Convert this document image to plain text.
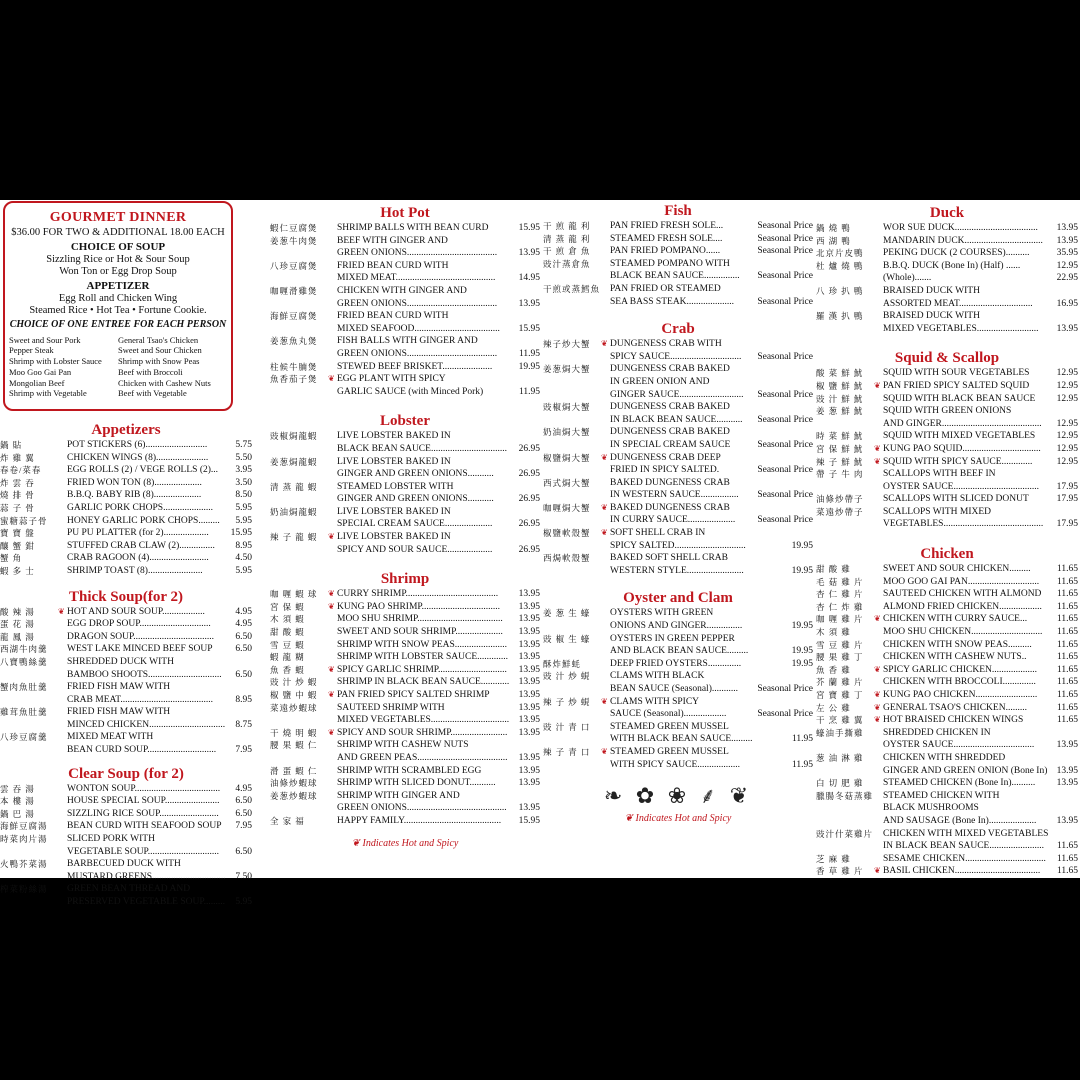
GOURMET DINNER
$36.00 FOR TWO & ADDITIONAL 18.00 EACH
CHOICE OF SOUP
Sizzling Rice or Hot & Sour Soup
Won Ton or Egg Drop Soup
APPETIZER
Egg Roll and Chicken Wing
Steamed Rice • Hot Tea • Fortune Cookie.
CHOICE OF ONE ENTREE FOR EACH PERSON
Sweet and Sour Pork	General Tsao's Chicken
Pepper Steak	Sweet and Sour Chicken
Shrimp with Lobster Sauce	Shrimp with Snow Peas
Moo Goo Gai Pan	Beef with Broccoli
Mongolian Beef	Chicken with Cashew Nuts
Shrimp with Vegetable	Beef with Vegetable
Appetizers
鍋 貼	POT STICKERS (6)..........................	5.75
炸 雞 翼	CHICKEN WINGS (8)......................	5.50
春卷/菜春	EGG ROLLS (2) / VEGE ROLLS (2)...	3.95
炸 雲 吞	FRIED WON TON (8)....................	3.50
燒 排 骨	B.B.Q. BABY RIB (8)....................	8.50
蒜 子 骨	GARLIC PORK CHOPS.....................	5.95
蜜糖蒜子骨	HONEY GARLIC PORK CHOPS.........	5.95
寶 寶 盤	PU PU PLATTER (for 2)...................	15.95
釀 蟹 鉗	STUFFED CRAB CLAW (2)...............	8.95
蟹 角	CRAB RAGOON (4).........................	4.50
蝦 多 士	SHRIMP TOAST (8).......................	5.95
Thick Soup(for 2)
酸 辣 湯	❦ HOT AND SOUR SOUP..................	4.95
蛋 花 湯	EGG DROP SOUP..............................	4.95
龍 鳳 湯	DRAGON SOUP..................................	6.50
西湖牛肉羹	WEST LAKE MINCED BEEF SOUP	6.50
八寶鴨絲羹	SHREDDED DUCK WITH
BAMBOO SHOOTS...............................	6.50
蟹肉魚肚羹	FRIED FISH MAW WITH
CRAB MEAT.......................................	8.95
雞茸魚肚羹	FRIED FISH MAW WITH
MINCED CHICKEN................................	8.75
八珍豆腐羹	MIXED MEAT WITH
BEAN CURD SOUP.............................	7.95
Clear Soup (for 2)
雲 吞 湯	WONTON SOUP....................................	4.95
本 樓 湯	HOUSE SPECIAL SOUP.......................	6.50
鍋 巴 湯	SIZZLING RICE SOUP.........................	6.50
海鮮豆腐湯	BEAN CURD WITH SEAFOOD SOUP	7.95
時菜肉片湯	SLICED PORK WITH
VEGETABLE SOUP..............................	6.50
火鴨芥菜湯	BARBECUED DUCK WITH
MUSTARD GREENS...............................	7.50
榨菜粉絲湯	GREEN BEAN THREAD AND
PRESERVED VEGETABLE SOUP.........	5.95
Hot Pot
蝦仁豆腐煲	SHRIMP BALLS WITH BEAN CURD	15.95
姜葱牛肉煲	BEEF WITH GINGER AND
GREEN ONIONS......................................	13.95
八珍豆腐煲	FRIED BEAN CURD WITH
MIXED MEAT..........................................	14.95
咖喱滑雞煲	CHICKEN WITH GINGER AND
GREEN ONIONS......................................	13.95
海鮮豆腐煲	FRIED BEAN CURD WITH
MIXED SEAFOOD....................................	15.95
姜葱魚丸煲	FISH BALLS WITH GINGER AND
GREEN ONIONS......................................	11.95
柱候牛腩煲	STEWED BEEF BRISKET.....................	19.95
魚香茄子煲	❦ EGG PLANT WITH SPICY
GARLIC SAUCE (with Minced Pork)	11.95
Lobster
豉椒焗龍蝦	LIVE LOBSTER BAKED IN
BLACK BEAN SAUCE................................	26.95
姜葱焗龍蝦	LIVE LOBSTER BAKED IN
GINGER AND GREEN ONIONS...........	26.95
清 蒸 龍 蝦	STEAMED LOBSTER WITH
GINGER AND GREEN ONIONS...........	26.95
奶油焗龍蝦	LIVE LOBSTER BAKED IN
SPECIAL CREAM SAUCE....................	26.95
辣 子 龍 蝦	❦ LIVE LOBSTER BAKED IN
SPICY AND SOUR SAUCE...................	26.95
Shrimp
咖 喱 蝦 球	❦ CURRY SHRIMP.......................................	13.95
宮 保 蝦	❦ KUNG PAO SHRIMP.................................	13.95
木 須 蝦	MOO SHU SHRIMP....................................	13.95
甜 酸 蝦	SWEET AND SOUR SHRIMP....................	13.95
雪 豆 蝦	SHRIMP WITH SNOW PEAS......................	13.95
蝦 龍 糊	SHRIMP WITH LOBSTER SAUCE.............	13.95
魚 香 蝦	❦ SPICY GARLIC SHRIMP.............................	13.95
豉 汁 炒 蝦	SHRIMP IN BLACK BEAN SAUCE............ 13.95
椒 鹽 中 蝦	❦ PAN FRIED SPICY SALTED SHRIMP	13.95
菜遠炒蝦球	SAUTEED SHRIMP WITH	13.95
MIXED VEGETABLES................................. 13.95
干 燒 明 蝦	❦ SPICY AND SOUR SHRIMP........................	13.95
腰 果 蝦 仁	SHRIMP WITH CASHEW NUTS
AND GREEN PEAS......................................	13.95
滑 蛋 蝦 仁	SHRIMP WITH SCRAMBLED EGG	13.95
油條炒蝦球	SHRIMP WITH SLICED DONUT...........	13.95
姜葱炒蝦球	SHRIMP WITH GINGER AND
GREEN ONIONS..........................................	13.95
全 家 福	HAPPY FAMILY.........................................	15.95
❦ Indicates Hot and Spicy
Fish
干 煎 龍 利	PAN FRIED FRESH SOLE...	Seasonal Price
清 蒸 龍 利	STEAMED FRESH SOLE....	Seasonal Price
干 煎 倉 魚	PAN FRIED POMPANO......	Seasonal Price
豉汁蒸倉魚	STEAMED POMPANO WITH
BLACK BEAN SAUCE...............	Seasonal Price
干煎或蒸鱈魚 PAN FRIED OR STEAMED
SEA BASS STEAK....................	Seasonal Price
Crab
辣子炒大蟹	❦ DUNGENESS CRAB WITH
SPICY SAUCE..............................	Seasonal Price
姜葱焗大蟹	DUNGENESS CRAB BAKED
IN GREEN ONION AND
GINGER SAUCE...........................	Seasonal Price
豉椒焗大蟹	DUNGENESS CRAB BAKED
IN BLACK BEAN SAUCE...........	Seasonal Price
奶油焗大蟹	DUNGENESS CRAB BAKED
IN SPECIAL CREAM SAUCE	Seasonal Price
椒鹽焗大蟹	❦ DUNGENESS CRAB DEEP
FRIED IN SPICY SALTED.	Seasonal Price
西式焗大蟹	BAKED DUNGENESS CRAB
IN WESTERN SAUCE................	Seasonal Price
咖喱焗大蟹	❦ BAKED DUNGENESS CRAB
IN CURRY SAUCE....................	Seasonal Price
椒鹽軟殼蟹	❦ SOFT SHELL CRAB IN
SPICY SALTED..............................	19.95
西焗軟殼蟹	BAKED SOFT SHELL CRAB
WESTERN STYLE........................	19.95
Oyster and Clam
姜 葱 生 蠔	OYSTERS WITH GREEN
ONIONS AND GINGER...............	19.95
豉 椒 生 蠔	OYSTERS IN GREEN PEPPER
AND BLACK BEAN SAUCE.........	19.95
酥炸鮮蚝	DEEP FRIED OYSTERS..............	19.95
豉 汁 炒 蜆	CLAMS WITH BLACK
BEAN SAUCE (Seasonal)...........	Seasonal Price
辣 子 炒 蜆	❦ CLAMS WITH SPICY
SAUCE (Seasonal)..................	Seasonal Price
豉 汁 青 口	STEAMED GREEN MUSSEL
WITH BLACK BEAN SAUCE.........	11.95
辣 子 青 口	❦ STEAMED GREEN MUSSEL
WITH SPICY SAUCE..................	11.95
❧ ✿ ❀ ⸙ ❦
❦ Indicates Hot and Spicy
Duck
鍋 燒 鴨	WOR SUE DUCK...................................	13.95
西 湖 鴨	MANDARIN DUCK.................................	13.95
北京片皮鴨	PEKING DUCK (2 COURSES)..........	35.95
杜 爐 燒 鴨	B.B.Q. DUCK (Bone In) (Half) ......	12.95
(Whole).......	22.95
八 珍 扒 鴨	BRAISED DUCK WITH
ASSORTED MEAT...............................	16.95
羅 漢 扒 鴨	BRAISED DUCK WITH
MIXED VEGETABLES..........................	13.95
Squid & Scallop
酸 菜 鮮 魷	SQUID WITH SOUR VEGETABLES	12.95
椒 鹽 鮮 魷	❦ PAN FRIED SPICY SALTED SQUID	12.95
豉 汁 鮮 魷	SQUID WITH BLACK BEAN SAUCE	12.95
姜 葱 鮮 魷	SQUID WITH GREEN ONIONS
AND GINGER..........................................	12.95
時 菜 鮮 魷	SQUID WITH MIXED VEGETABLES	12.95
宮 保 鮮 魷	❦ KUNG PAO SQUID.................................	12.95
辣 子 鮮 魷	❦ SQUID WITH SPICY SAUCE.............	12.95
帶 子 牛 肉	SCALLOPS WITH BEEF IN
OYSTER SAUCE....................................	17.95
油條炒帶子	SCALLOPS WITH SLICED DONUT	17.95
菜遠炒帶子	SCALLOPS WITH MIXED
VEGETABLES..........................................	17.95
Chicken
甜 酸 雞	SWEET AND SOUR CHICKEN.........	11.65
毛 菇 雞 片	MOO GOO GAI PAN..............................	11.65
杏 仁 雞 片	SAUTEED CHICKEN WITH ALMOND	11.65
杏 仁 炸 雞	ALMOND FRIED CHICKEN..................	11.65
咖 喱 雞 片	❦ CHICKEN WITH CURRY SAUCE...	11.65
木 須 雞	MOO SHU CHICKEN..............................	11.65
雪 豆 雞 片	CHICKEN WITH SNOW PEAS..........	11.65
腰 果 雞 丁	CHICKEN WITH CASHEW NUTS..	11.65
魚 香 雞	❦ SPICY GARLIC CHICKEN...................	11.65
芥 蘭 雞 片	CHICKEN WITH BROCCOLI..............	11.65
宮 寶 雞 丁	❦ KUNG PAO CHICKEN..........................	11.65
左 公 雞	❦ GENERAL TSAO'S CHICKEN.........	11.65
干 烹 雞 翼	❦ HOT BRAISED CHICKEN WINGS	11.65
蠔油手撕雞	SHREDDED CHICKEN IN
OYSTER SAUCE..................................	13.95
葱 油 淋 雞	CHICKEN WITH SHREDDED
GINGER AND GREEN ONION (Bone In) 13.95
白 切 肥 雞	STEAMED CHICKEN (Bone In)..........	13.95
臘腸冬菇蒸雞 STEAMED CHICKEN WITH
BLACK MUSHROOMS
AND SAUSAGE (Bone In)....................	13.95
豉汁什菜雞片 CHICKEN WITH MIXED VEGETABLES
IN BLACK BEAN SAUCE.......................	11.65
芝 麻 雞	SESAME CHICKEN..................................	11.65
香 草 雞 片	❦ BASIL CHICKEN....................................	11.65
